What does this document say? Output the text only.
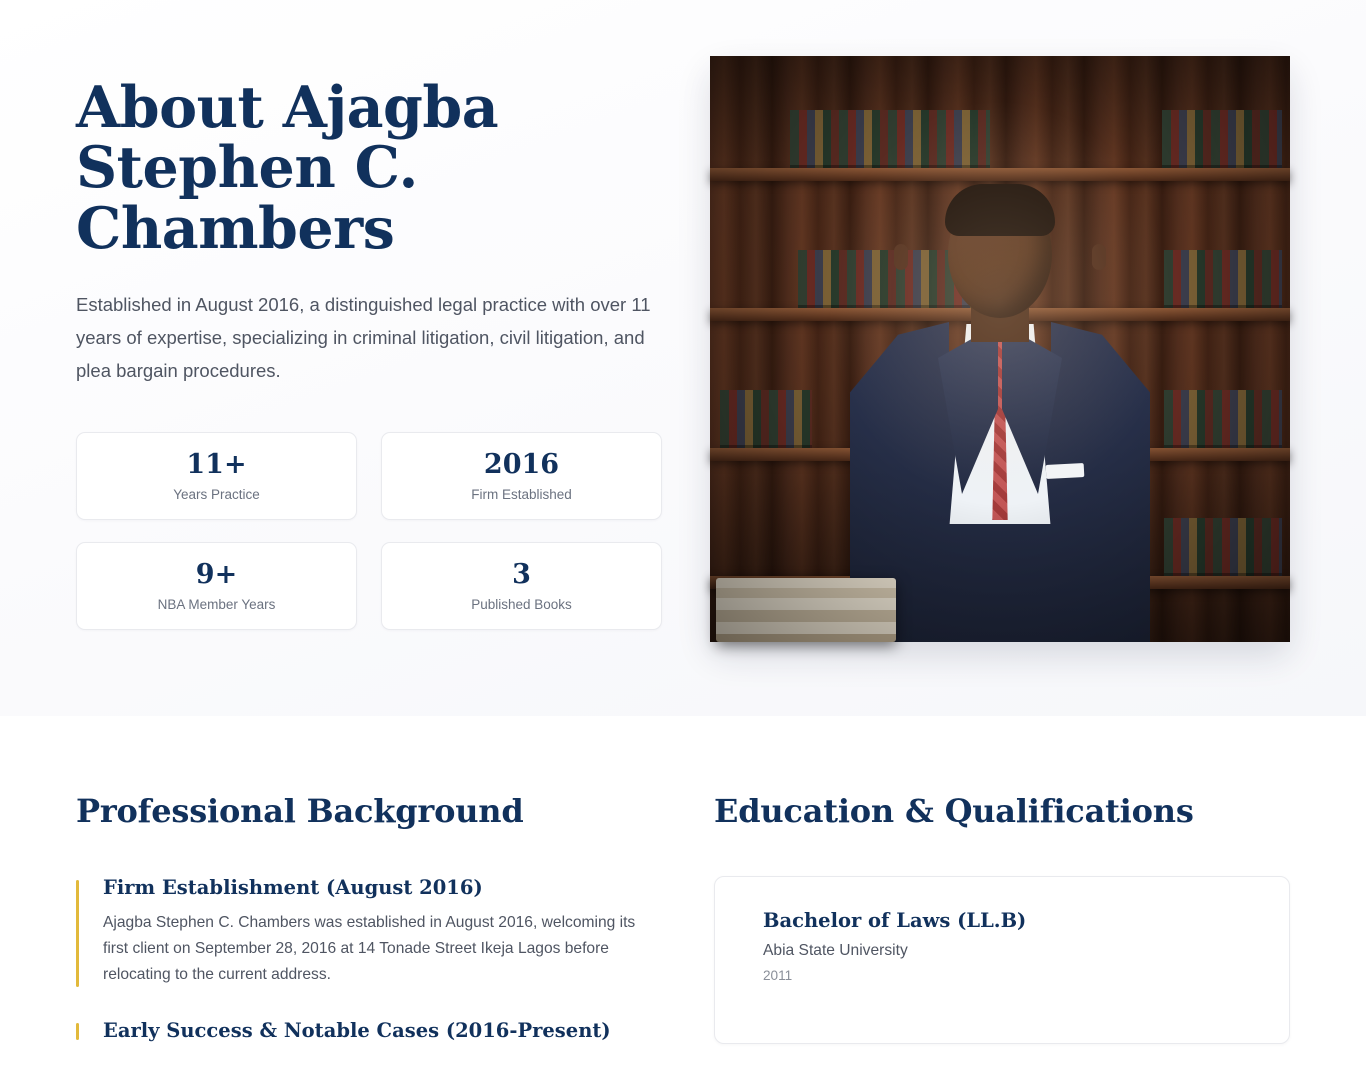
About Ajagba Stephen C. Chambers

Established in August 2016, a distinguished legal practice with over 11 years of expertise, specializing in criminal litigation, civil litigation, and plea bargain procedures.

11+
Years Practice
2016
Firm Established
9+
NBA Member Years
3
Published Books
Professional Background
Firm Establishment (August 2016)
Ajagba Stephen C. Chambers was established in August 2016, welcoming its first client on September 28, 2016 at 14 Tonade Street Ikeja Lagos before relocating to the current address.
Early Success & Notable Cases (2016-Present)
Education & Qualifications
Bachelor of Laws (LL.B)
Abia State University
2011
